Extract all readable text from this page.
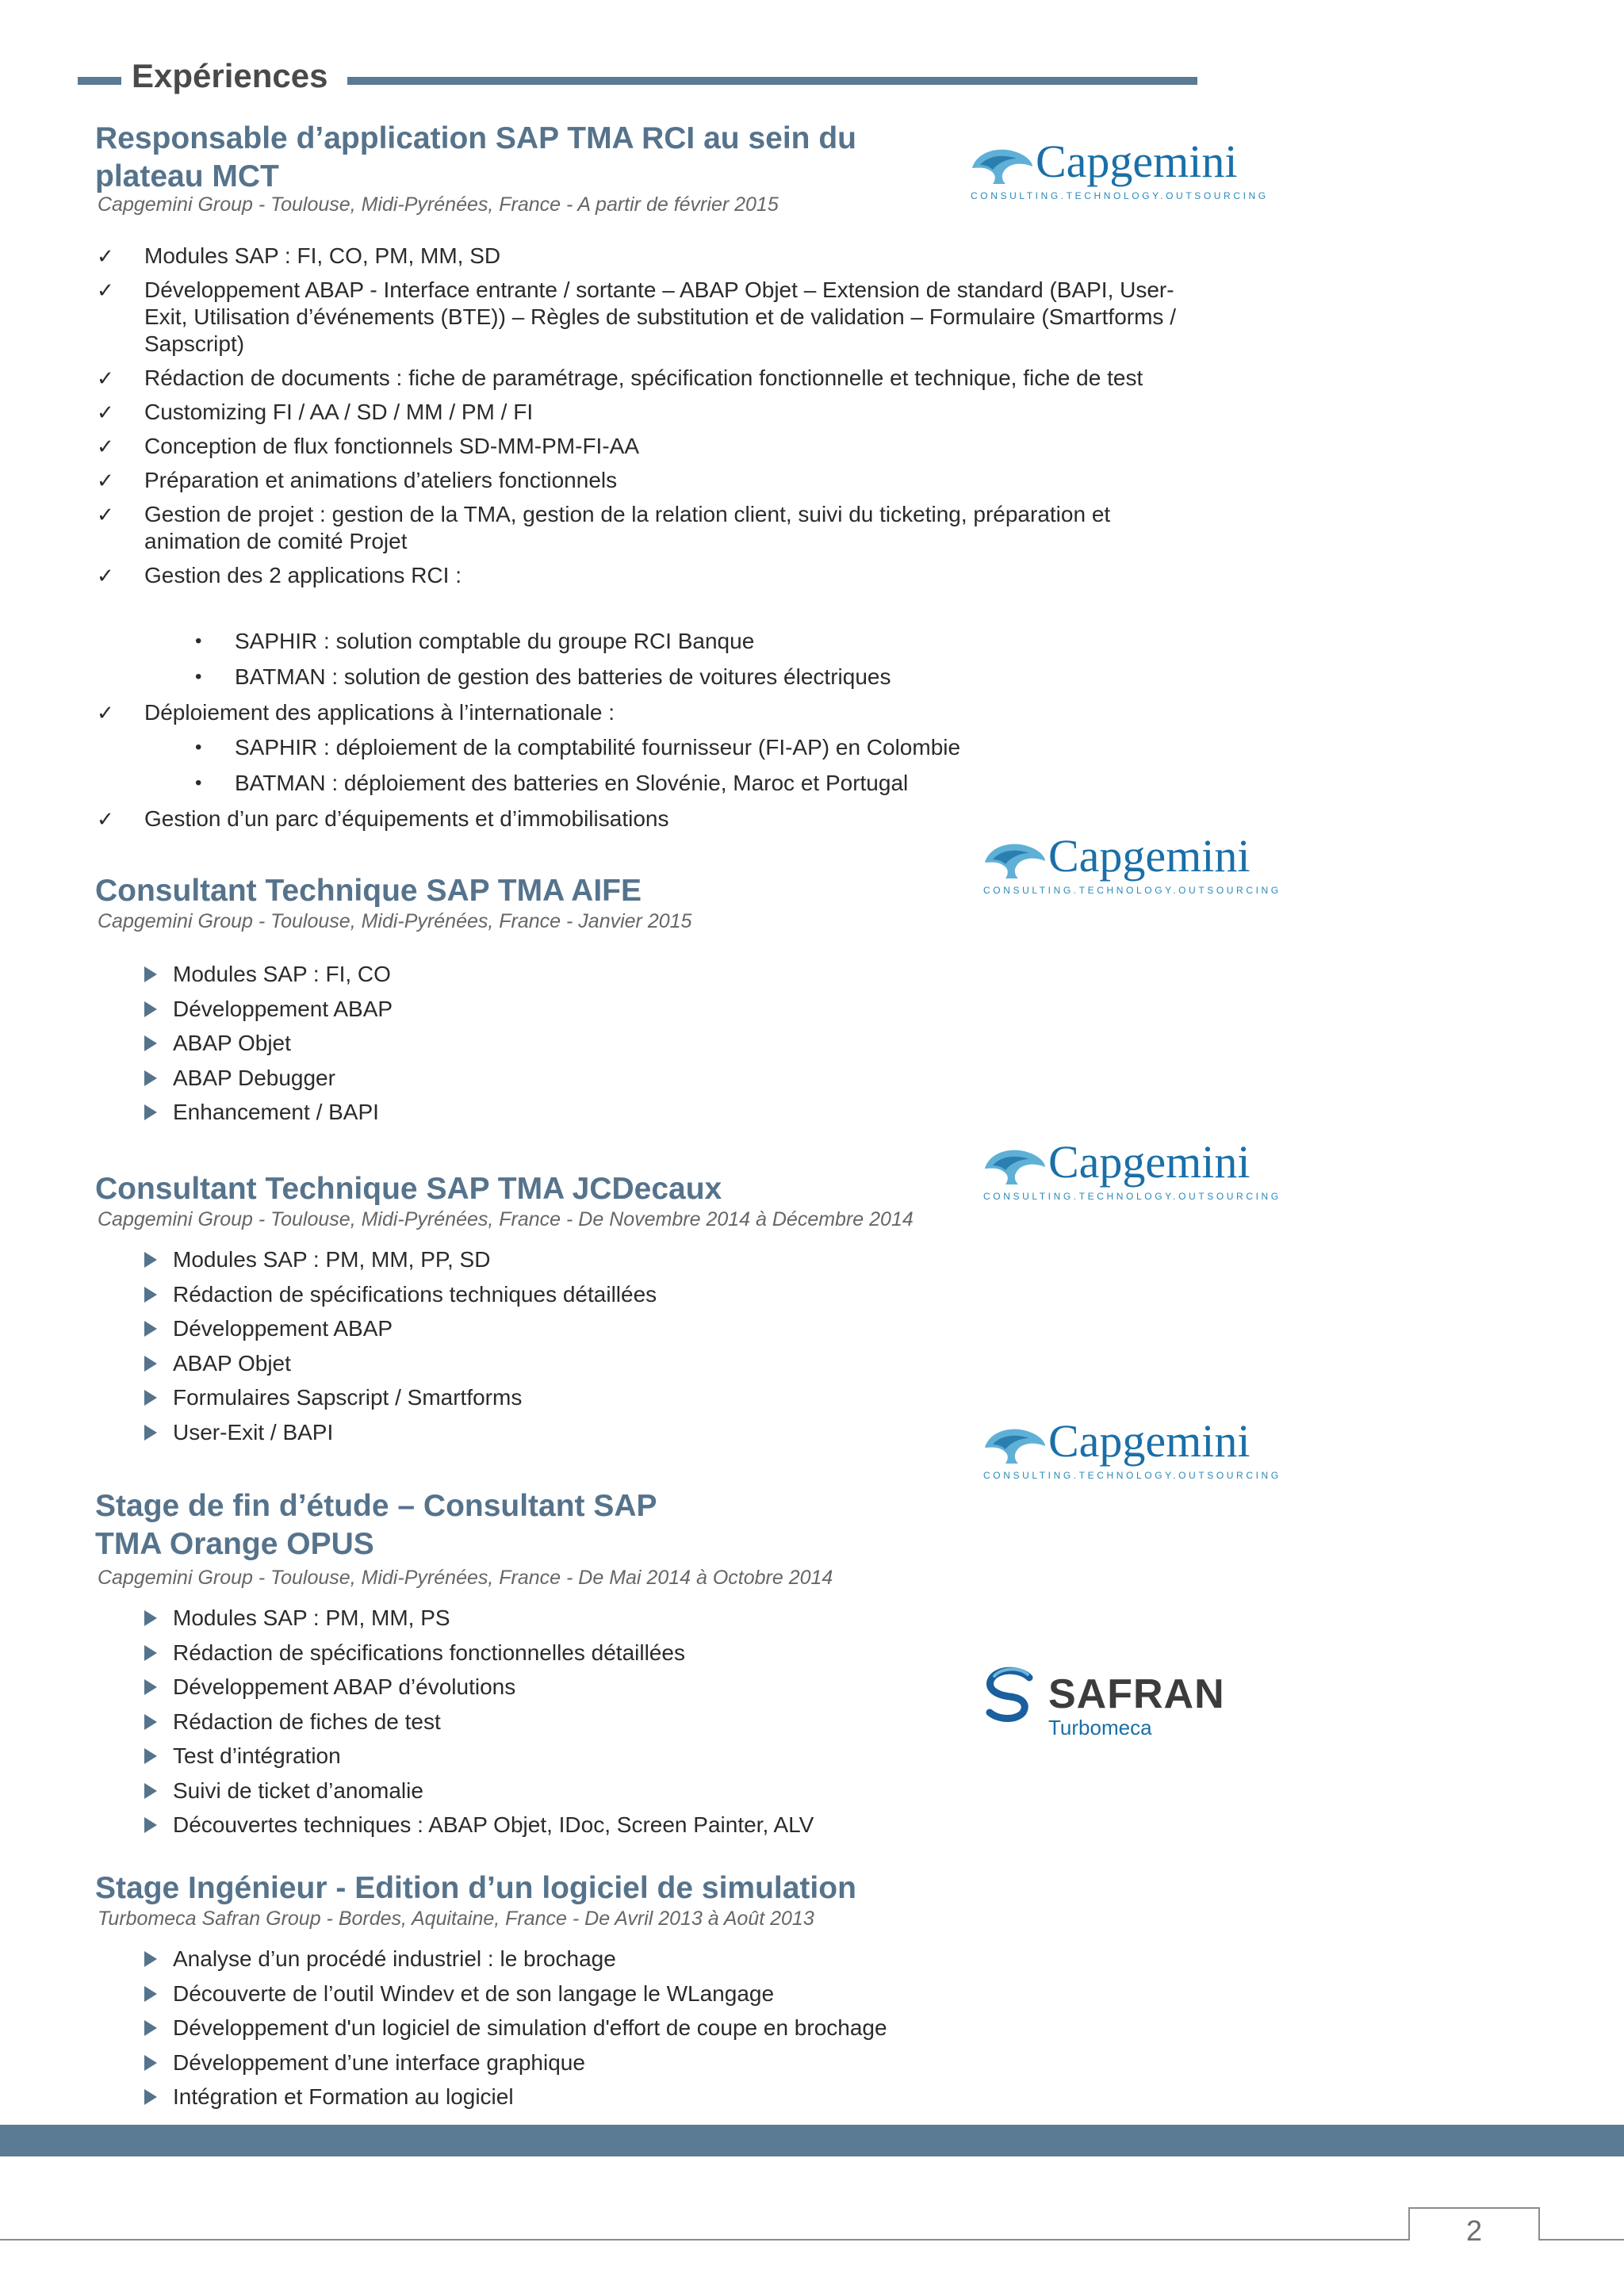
Expériences
Responsable d’application SAP TMA RCI au sein du
plateau MCT
Capgemini Group - Toulouse, Midi-Pyrénées, France - A partir de février 2015
Capgemini
CONSULTING.TECHNOLOGY.OUTSOURCING
✓ Modules SAP : FI, CO, PM, MM, SD
✓ Développement ABAP - Interface entrante / sortante – ABAP Objet – Extension de standard (BAPI, User-Exit, Utilisation d’événements (BTE)) – Règles de substitution et de validation – Formulaire (Smartforms / Sapscript)
✓ Rédaction de documents : fiche de paramétrage, spécification fonctionnelle et technique, fiche de test
✓ Customizing FI / AA / SD / MM / PM / FI
✓ Conception de flux fonctionnels SD-MM-PM-FI-AA
✓ Préparation et animations d’ateliers fonctionnels
✓ Gestion de projet : gestion de la TMA, gestion de la relation client, suivi du ticketing, préparation et animation de comité Projet
✓ Gestion des 2 applications RCI :
• SAPHIR : solution comptable du groupe RCI Banque
• BATMAN : solution de gestion des batteries de voitures électriques
✓ Déploiement des applications à l’internationale :
• SAPHIR : déploiement de la comptabilité fournisseur (FI-AP) en Colombie
• BATMAN : déploiement des batteries en Slovénie, Maroc et Portugal
✓ Gestion d’un parc d’équipements et d’immobilisations
Capgemini
CONSULTING.TECHNOLOGY.OUTSOURCING
Consultant Technique SAP TMA AIFE
Capgemini Group - Toulouse, Midi-Pyrénées, France - Janvier 2015
Modules SAP : FI, CO
Développement ABAP
ABAP Objet
ABAP Debugger
Enhancement / BAPI
Capgemini
CONSULTING.TECHNOLOGY.OUTSOURCING
Consultant Technique SAP TMA JCDecaux
Capgemini Group - Toulouse, Midi-Pyrénées, France - De Novembre 2014 à Décembre 2014
Modules SAP : PM, MM, PP, SD
Rédaction de spécifications techniques détaillées
Développement ABAP
ABAP Objet
Formulaires Sapscript / Smartforms
User-Exit / BAPI	Capgemini
CONSULTING.TECHNOLOGY.OUTSOURCING
Stage de fin d’étude – Consultant SAP
TMA Orange OPUS
Capgemini Group - Toulouse, Midi-Pyrénées, France - De Mai 2014 à Octobre 2014
Modules SAP : PM, MM, PS
Rédaction de spécifications fonctionnelles détaillées
Développement ABAP d’évolutions
Rédaction de fiches de test
Test d’intégration
Suivi de ticket d’anomalie
Découvertes techniques : ABAP Objet, IDoc, Screen Painter, ALV
SAFRAN
Turbomeca
Stage Ingénieur - Edition d’un logiciel de simulation
Turbomeca Safran Group - Bordes, Aquitaine, France - De Avril 2013 à Août 2013
Analyse d’un procédé industriel : le brochage
Découverte de l’outil Windev et de son langage le WLangage
Développement d'un logiciel de simulation d'effort de coupe en brochage
Développement d’une interface graphique
Intégration et Formation au logiciel
2
